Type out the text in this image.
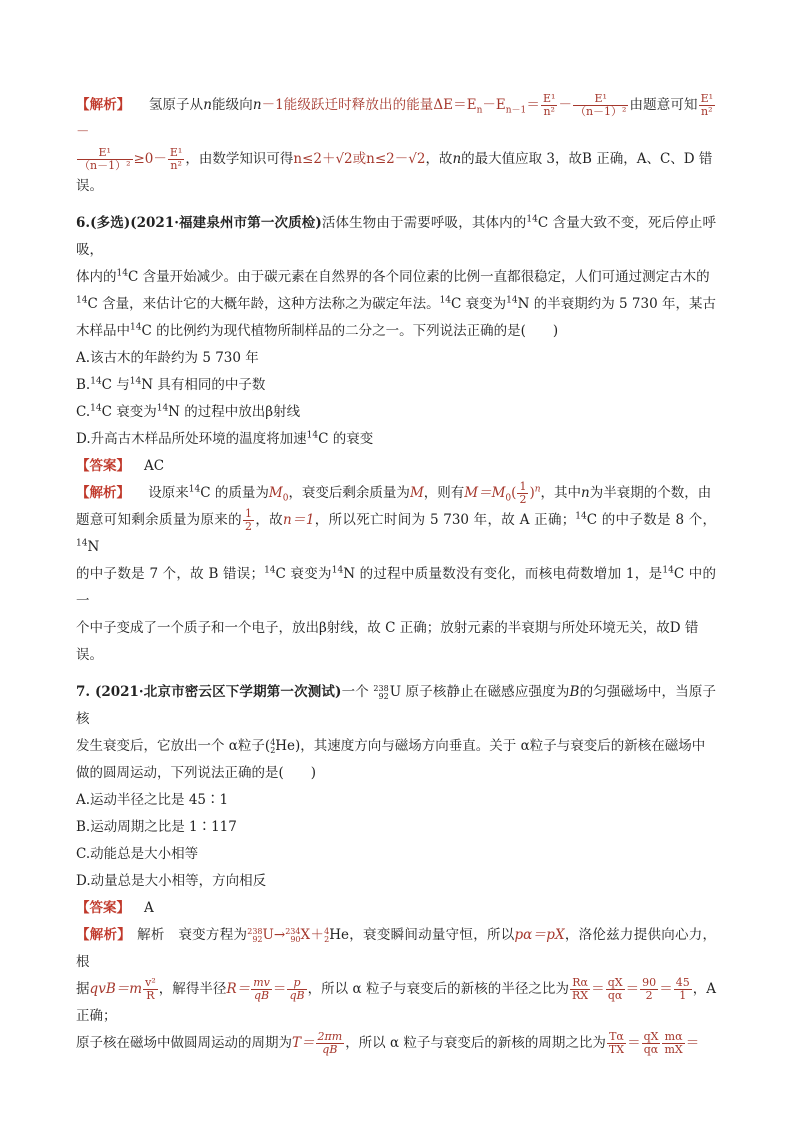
【解析】 氢原子从n能级向n－1能级跃迁时释放出的能量$\Delta E=E_n-E_{n-1}= \frac{\text{E¹}}{\text{n²}} - \frac{\text{E¹}}{\text{（n－1）²}}$ 由题意可知 $\frac{\text{E¹}}{\text{n²}}$
－

$\frac{\text{E¹}}{\text{（n－1）²}} \ge 0- \frac{\text{E¹}}{\text{n²}}$ ，由数学知识可得n≤2＋√2或n≤2－√2，故n的最大值应取 3，故B 正确，A、C、D 错

误。

6.(多选)(2021·福建泉州市第一次质检)活体生物由于需要呼吸，其体内的$^{14}$C 含量大致不变，死后停止呼吸，
体内的$^{14}$C 含量开始减少。由于碳元素在自然界的各个同位素的比例一直都很稳定，人们可通过测定古木的
$^{14}$C 含量，来估计它的大概年龄，这种方法称之为碳定年法。$^{14}$C 衰变为$^{14}$N 的半衰期约为 5 730 年，某古
木样品中$^{14}$C 的比例约为现代植物所制样品的二分之一。下列说法正确的是(　　)

A.该古木的年龄约为 5 730 年

B.$^{14}$C 与$^{14}$N 具有相同的中子数

C.$^{14}$C 衰变为$^{14}$N 的过程中放出β射线

D.升高古木样品所处环境的温度将加速$^{14}$C 的衰变

【答案】 AC

【解析】 设原来$^{14}$C 的质量为$M_0$，衰变后剩余质量为M，则有$M=M_0( \frac{1}{2} )^n$，其中n为半衰期的个数，由
题意可知剩余质量为原来的 $\frac{1}{2}$ ，故n＝1，所以死亡时间为 5 730 年，故 A 正确；$^{14}$C 的中子数是 8 个，$^{14}$N
的中子数是 7 个，故 B 错误；$^{14}$C 衰变为$^{14}$N 的过程中质量数没有变化，而核电荷数增加 1，是$^{14}$C 中的一
个中子变成了一个质子和一个电子，放出β射线，故 C 正确；放射元素的半衰期与所处环境无关，故D 错
误。

7. (2021·北京市密云区下学期第一次测试)一个 238
92 U 原子核静止在磁感应强度为B的匀强磁场中，当原子核
发生衰变后，它放出一个 α粒子( 4
2 He)，其速度方向与磁场方向垂直。关于 α粒子与衰变后的新核在磁场中
做的圆周运动，下列说法正确的是(　　)

A.运动半径之比是 45∶1

B.运动周期之比是 1∶117

C.动能总是大小相等

D.动量总是大小相等，方向相反

【答案】 A

【解析】 解析　衰变方程为 238
92 U→ 234
90 X＋ 4
2 He，衰变瞬间动量守恒，所以pα＝pX，洛伦兹力提供向心力，根
据$qvB=m \frac{\text{v²}}{R}$ ，解得半径$R= \frac{mv}{qB} = \frac{p}{qB}$ ，所以 α 粒子与衰变后的新核的半径之比为 $\frac{R\alpha}{RX} = \frac{qX}{q\alpha} = \frac{90}{2} = \frac{45}{1}$ ，A 正确；
原子核在磁场中做圆周运动的周期为$T= \frac{2\pi m}{qB}$ ，所以 α 粒子与衰变后的新核的周期之比为 $\frac{T\alpha}{TX} = \frac{qX}{q\alpha} \frac{m\alpha}{mX}$ ＝
